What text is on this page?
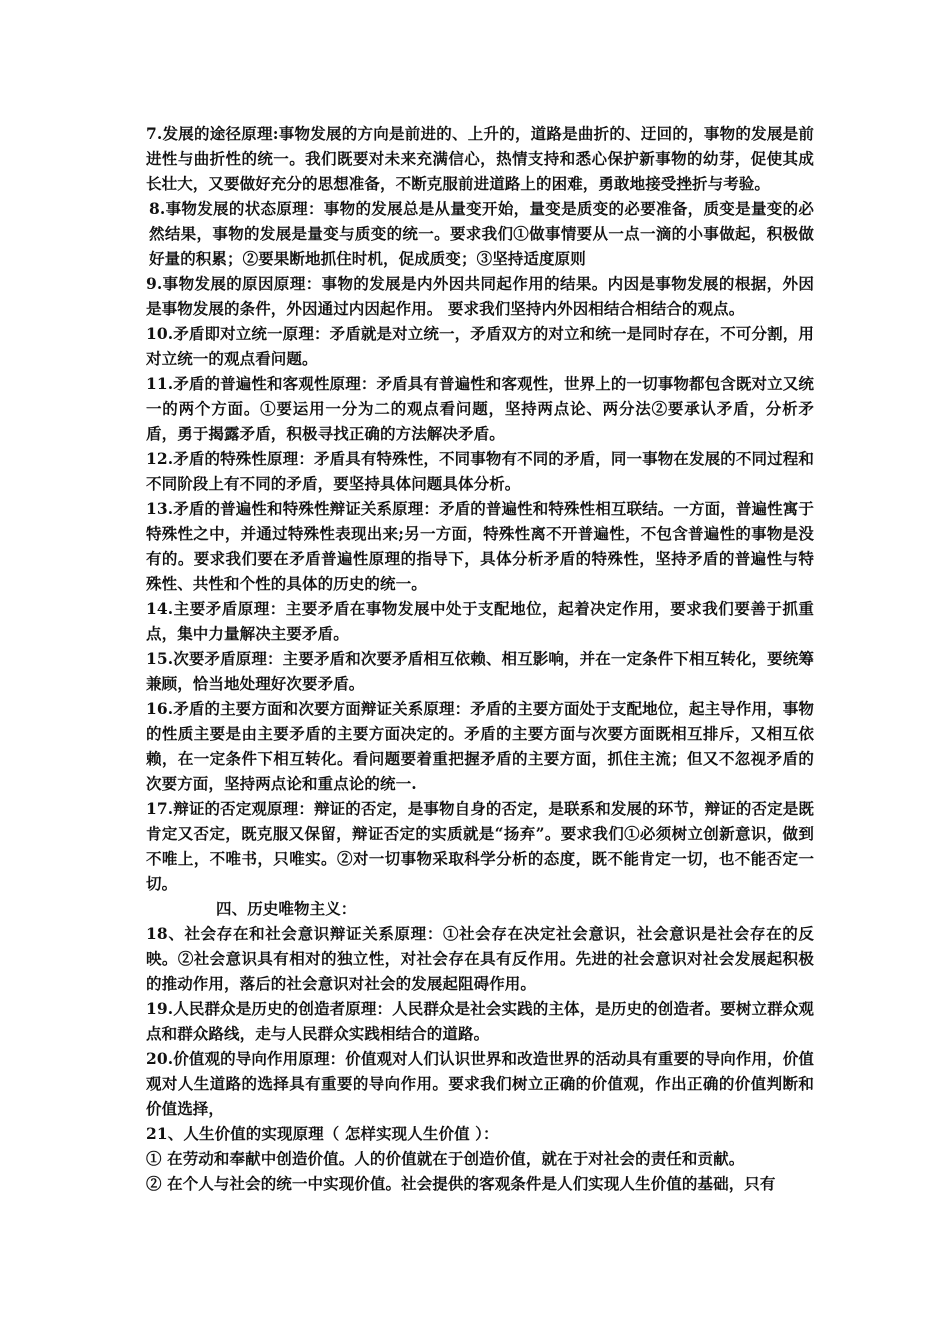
7.发展的途径原理:事物发展的方向是前进的、上升的，道路是曲折的、迂回的，事物的发展是前进性与曲折性的统一。我们既要对未来充满信心，热情支持和悉心保护新事物的幼芽，促使其成长壮大，又要做好充分的思想准备，不断克服前进道路上的困难，勇敢地接受挫折与考验。

8.事物发展的状态原理：事物的发展总是从量变开始，量变是质变的必要准备，质变是量变的必然结果，事物的发展是量变与质变的统一。要求我们①做事情要从一点一滴的小事做起，积极做好量的积累；②要果断地抓住时机，促成质变；③坚持适度原则

9.事物发展的原因原理：事物的发展是内外因共同起作用的结果。内因是事物发展的根据，外因是事物发展的条件，外因通过内因起作用。 要求我们坚持内外因相结合相结合的观点。

10.矛盾即对立统一原理：矛盾就是对立统一，矛盾双方的对立和统一是同时存在，不可分割，用对立统一的观点看问题。

11.矛盾的普遍性和客观性原理：矛盾具有普遍性和客观性，世界上的一切事物都包含既对立又统一的两个方面。①要运用一分为二的观点看问题，坚持两点论、两分法②要承认矛盾，分析矛盾，勇于揭露矛盾，积极寻找正确的方法解决矛盾。

12.矛盾的特殊性原理：矛盾具有特殊性，不同事物有不同的矛盾，同一事物在发展的不同过程和不同阶段上有不同的矛盾，要坚持具体问题具体分析。

13.矛盾的普遍性和特殊性辩证关系原理：矛盾的普遍性和特殊性相互联结。一方面，普遍性寓于特殊性之中，并通过特殊性表现出来;另一方面，特殊性离不开普遍性，不包含普遍性的事物是没有的。要求我们要在矛盾普遍性原理的指导下，具体分析矛盾的特殊性，坚持矛盾的普遍性与特殊性、共性和个性的具体的历史的统一。

14.主要矛盾原理：主要矛盾在事物发展中处于支配地位，起着决定作用，要求我们要善于抓重点，集中力量解决主要矛盾。

15.次要矛盾原理：主要矛盾和次要矛盾相互依赖、相互影响，并在一定条件下相互转化，要统筹兼顾，恰当地处理好次要矛盾。

16.矛盾的主要方面和次要方面辩证关系原理：矛盾的主要方面处于支配地位，起主导作用，事物的性质主要是由主要矛盾的主要方面决定的。矛盾的主要方面与次要方面既相互排斥，又相互依赖，在一定条件下相互转化。看问题要着重把握矛盾的主要方面，抓住主流；但又不忽视矛盾的次要方面，坚持两点论和重点论的统一.

17.辩证的否定观原理：辩证的否定，是事物自身的否定，是联系和发展的环节，辩证的否定是既肯定又否定，既克服又保留，辩证否定的实质就是“扬弃”。要求我们①必须树立创新意识，做到不唯上，不唯书，只唯实。②对一切事物采取科学分析的态度，既不能肯定一切，也不能否定一切。

四、历史唯物主义：

18、社会存在和社会意识辩证关系原理：①社会存在决定社会意识，社会意识是社会存在的反映。②社会意识具有相对的独立性，对社会存在具有反作用。先进的社会意识对社会发展起积极的推动作用，落后的社会意识对社会的发展起阻碍作用。

19.人民群众是历史的创造者原理：人民群众是社会实践的主体，是历史的创造者。要树立群众观点和群众路线，走与人民群众实践相结合的道路。

20.价值观的导向作用原理：价值观对人们认识世界和改造世界的活动具有重要的导向作用，价值观对人生道路的选择具有重要的导向作用。要求我们树立正确的价值观，作出正确的价值判断和价值选择，

21、人生价值的实现原理（ 怎样实现人生价值 ）：

① 在劳动和奉献中创造价值。人的价值就在于创造价值，就在于对社会的责任和贡献。

② 在个人与社会的统一中实现价值。社会提供的客观条件是人们实现人生价值的基础，只有
